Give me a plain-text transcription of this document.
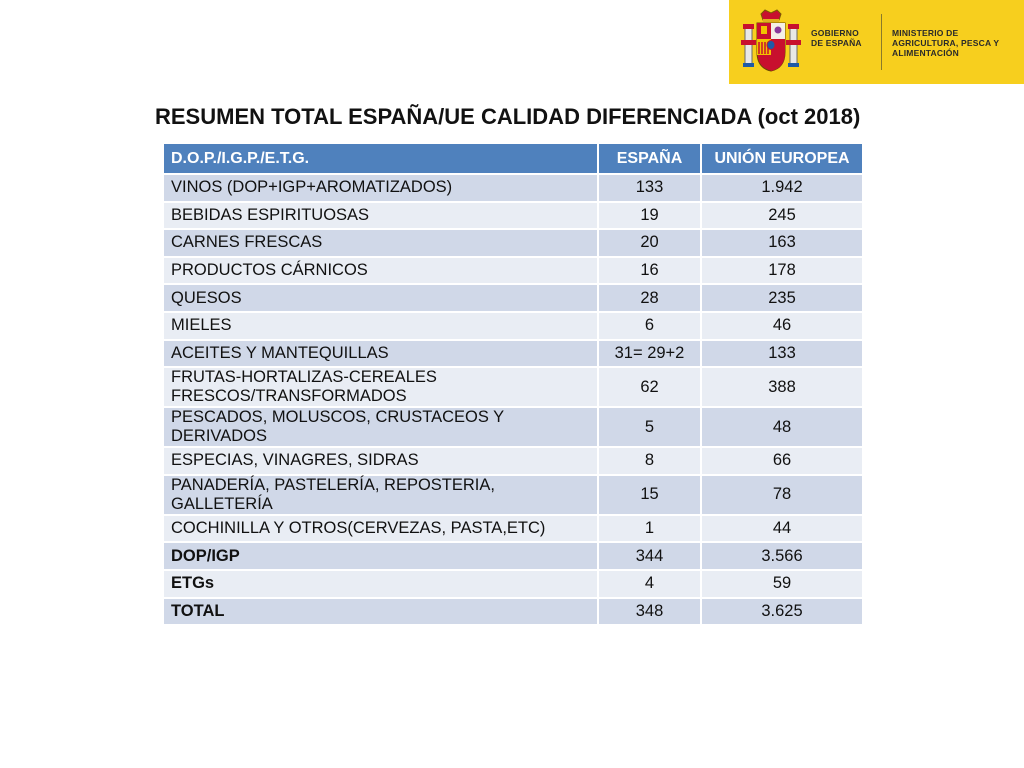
GOBIERNO DE ESPAÑA
MINISTERIO DE AGRICULTURA, PESCA Y ALIMENTACIÓN
RESUMEN TOTAL ESPAÑA/UE CALIDAD DIFERENCIADA (oct 2018)
D.O.P./I.G.P./E.T.G.	ESPAÑA	UNIÓN EUROPEA
VINOS (DOP+IGP+AROMATIZADOS)	133	1.942
BEBIDAS ESPIRITUOSAS	19	245
CARNES FRESCAS	20	163
PRODUCTOS CÁRNICOS	16	178
QUESOS	28	235
MIELES	6	46
ACEITES Y MANTEQUILLAS	31= 29+2	133
FRUTAS-HORTALIZAS-CEREALES FRESCOS/TRANSFORMADOS	62	388
PESCADOS, MOLUSCOS, CRUSTACEOS Y DERIVADOS	5	48
ESPECIAS, VINAGRES, SIDRAS	8	66
PANADERÍA, PASTELERÍA, REPOSTERIA, GALLETERÍA	15	78
COCHINILLA Y OTROS(CERVEZAS, PASTA,ETC)	1	44
DOP/IGP	344	3.566
ETGs	4	59
TOTAL	348	3.625
